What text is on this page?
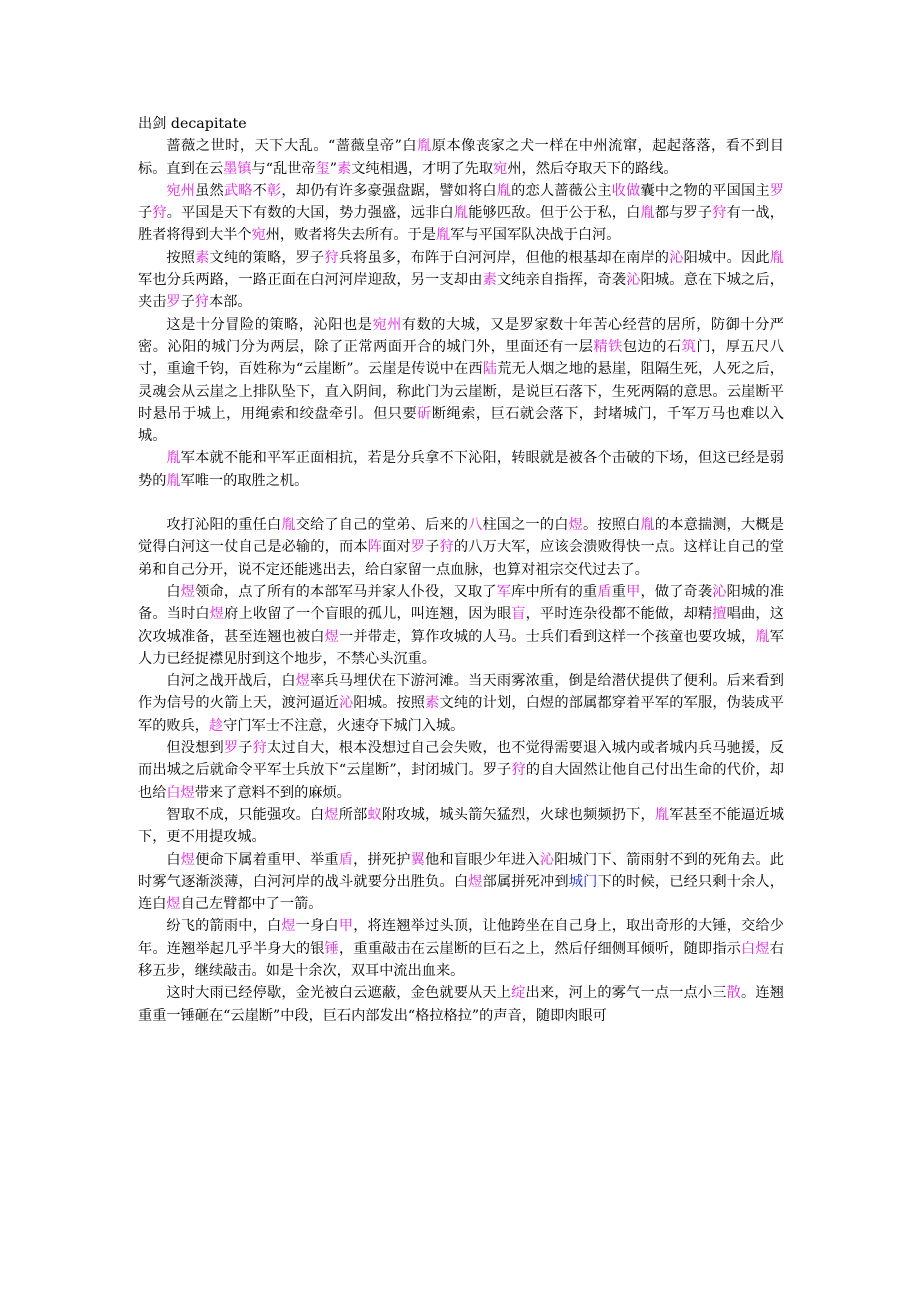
出剑 decapitate

蔷薇之世时，天下大乱。“蔷薇皇帝”白胤原本像丧家之犬一样在中州流窜，起起落落，看不到目标。直到在云墨镇与“乱世帝玺”素文纯相遇，才明了先取宛州，然后夺取天下的路线。

宛州虽然武略不彰，却仍有许多豪强盘踞，譬如将白胤的恋人蔷薇公主收做囊中之物的平国国主罗子狩。平国是天下有数的大国，势力强盛，远非白胤能够匹敌。但于公于私，白胤都与罗子狩有一战，胜者将得到大半个宛州，败者将失去所有。于是胤军与平国军队决战于白河。

按照素文纯的策略，罗子狩兵将虽多，布阵于白河河岸，但他的根基却在南岸的沁阳城中。因此胤军也分兵两路，一路正面在白河河岸迎敌，另一支却由素文纯亲自指挥，奇袭沁阳城。意在下城之后，夹击罗子狩本部。

这是十分冒险的策略，沁阳也是宛州有数的大城，又是罗家数十年苦心经营的居所，防御十分严密。沁阳的城门分为两层，除了正常两面开合的城门外，里面还有一层精铁包边的石筑门，厚五尺八寸，重逾千钧，百姓称为“云崖断”。云崖是传说中在西陆荒无人烟之地的悬崖，阻隔生死，人死之后，灵魂会从云崖之上排队坠下，直入阴间，称此门为云崖断，是说巨石落下，生死两隔的意思。云崖断平时悬吊于城上，用绳索和绞盘牵引。但只要斫断绳索，巨石就会落下，封堵城门，千军万马也难以入城。

胤军本就不能和平军正面相抗，若是分兵拿不下沁阳，转眼就是被各个击破的下场，但这已经是弱势的胤军唯一的取胜之机。

攻打沁阳的重任白胤交给了自己的堂弟、后来的八柱国之一的白煜。按照白胤的本意揣测，大概是觉得白河这一仗自己是必输的，而本阵面对罗子狩的八万大军，应该会溃败得快一点。这样让自己的堂弟和自己分开，说不定还能逃出去，给白家留一点血脉，也算对祖宗交代过去了。

白煜领命，点了所有的本部军马并家人仆役，又取了军库中所有的重盾重甲，做了奇袭沁阳城的准备。当时白煜府上收留了一个盲眼的孤儿，叫连翘，因为眼盲，平时连杂役都不能做，却精擅唱曲，这次攻城准备，甚至连翘也被白煜一并带走，算作攻城的人马。士兵们看到这样一个孩童也要攻城，胤军人力已经捉襟见肘到这个地步，不禁心头沉重。

白河之战开战后，白煜率兵马埋伏在下游河滩。当天雨雾浓重，倒是给潜伏提供了便利。后来看到作为信号的火箭上天，渡河逼近沁阳城。按照素文纯的计划，白煜的部属都穿着平军的军服，伪装成平军的败兵，趁守门军士不注意，火速夺下城门入城。

但没想到罗子狩太过自大，根本没想过自己会失败，也不觉得需要退入城内或者城内兵马驰援，反而出城之后就命令平军士兵放下“云崖断”，封闭城门。罗子狩的自大固然让他自己付出生命的代价，却也给白煜带来了意料不到的麻烦。

智取不成，只能强攻。白煜所部蚁附攻城，城头箭矢猛烈，火球也频频扔下，胤军甚至不能逼近城下，更不用提攻城。

白煜便命下属着重甲、举重盾，拼死护翼他和盲眼少年进入沁阳城门下、箭雨射不到的死角去。此时雾气逐渐淡薄，白河河岸的战斗就要分出胜负。白煜部属拼死冲到城门下的时候，已经只剩十余人，连白煜自己左臂都中了一箭。

纷飞的箭雨中，白煜一身白甲，将连翘举过头顶，让他跨坐在自己身上，取出奇形的大锤，交给少年。连翘举起几乎半身大的银锤，重重敲击在云崖断的巨石之上，然后仔细侧耳倾听，随即指示白煜右移五步，继续敲击。如是十余次，双耳中流出血来。

这时大雨已经停歇，金光被白云遮蔽，金色就要从天上绽出来，河上的雾气一点一点小三散。连翘重重一锤砸在“云崖断”中段，巨石内部发出“格拉格拉”的声音，随即肉眼可
